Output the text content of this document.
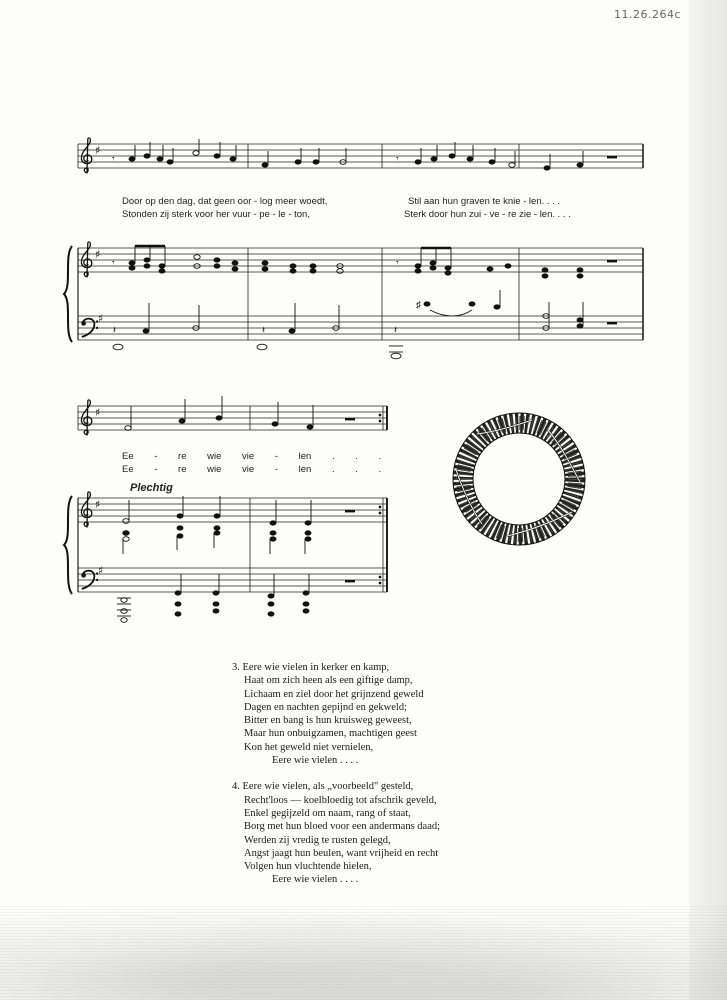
11.26.264c
♯
𝄾	𝄾
♯
♯
𝄾	𝄾
𝄽	𝄽	𝄽
♯
♯
♯
♯
Door op den dag, dat geen oor - log meer woedt,	Stil aan hun graven te knie - len. . . .
Stonden zij sterk voor her vuur - pe - le - ton,	Sterk door hun zui - ve - re zie - len. . . .
Ee - re wie vie - len . . .
Ee - re wie vie - len . . .
Plechtig
3. Eere wie vielen in kerker en kamp,
Haat om zich heen als een giftige damp,
Lichaam en ziel door het grijnzend geweld
Dagen en nachten gepijnd en gekweld;
Bitter en bang is hun kruisweg geweest,
Maar hun onbuigzamen, machtigen geest
Kon het geweld niet vernielen,
Eere wie vielen . . . .
4. Eere wie vielen, als „voorbeeld" gesteld,
Recht'loos — koelbloedig tot afschrik geveld,
Enkel gegijzeld om naam, rang of staat,
Borg met hun bloed voor een andermans daad;
Werden zij vredig te rusten gelegd,
Angst jaagt hun beulen, want vrijheid en recht
Volgen hun vluchtende hielen,
Eere wie vielen . . . .
